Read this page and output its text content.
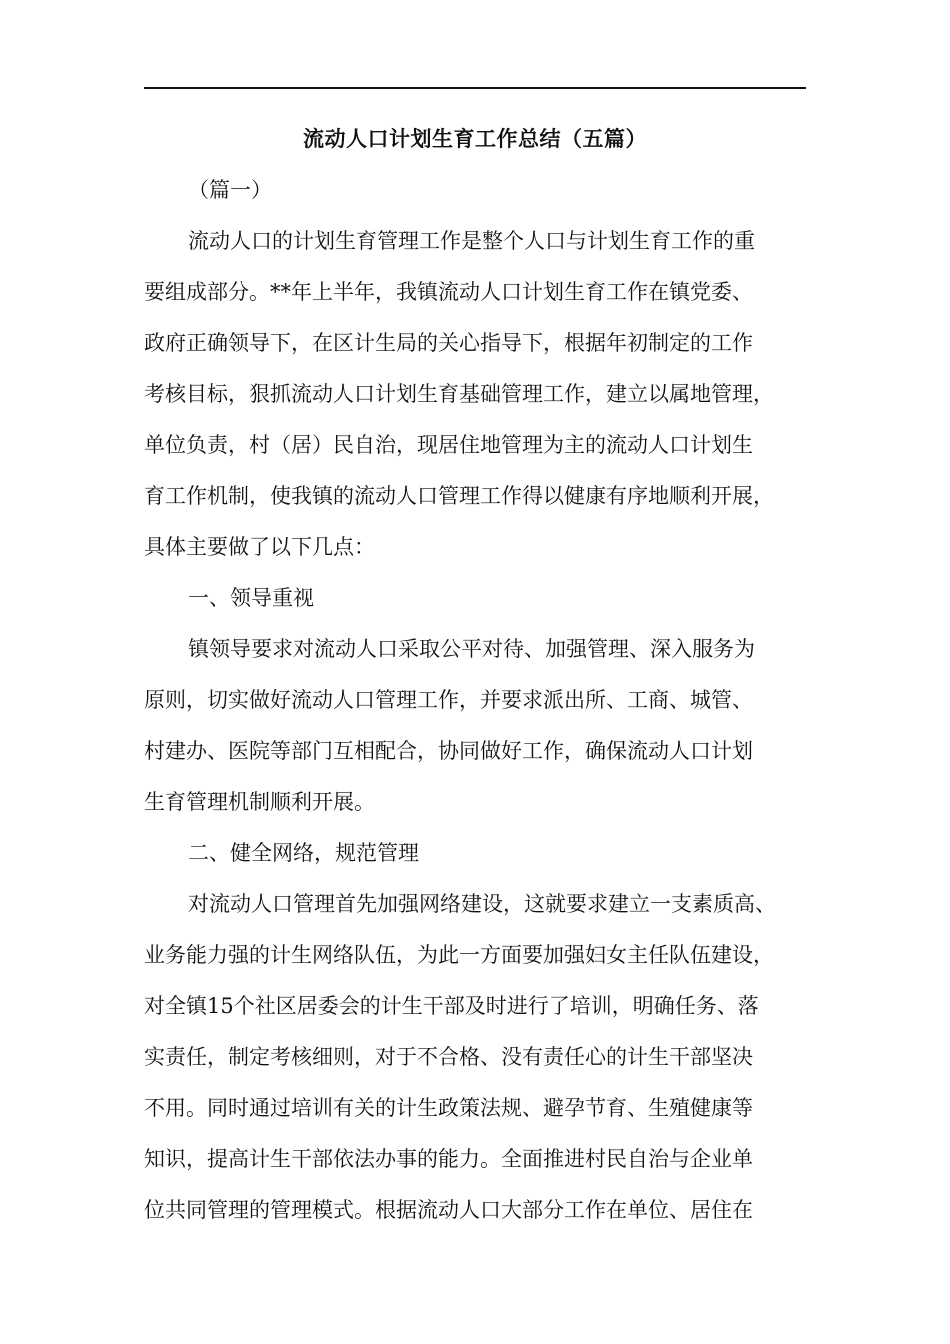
流动人口计划生育工作总结（五篇）
（篇一）
流动人口的计划生育管理工作是整个人口与计划生育工作的重
要组成部分。**年上半年，我镇流动人口计划生育工作在镇党委、
政府正确领导下，在区计生局的关心指导下，根据年初制定的工作
考核目标，狠抓流动人口计划生育基础管理工作，建立以属地管理，
单位负责，村（居）民自治，现居住地管理为主的流动人口计划生
育工作机制，使我镇的流动人口管理工作得以健康有序地顺利开展，
具体主要做了以下几点：
一、领导重视
镇领导要求对流动人口采取公平对待、加强管理、深入服务为
原则，切实做好流动人口管理工作，并要求派出所、工商、城管、
村建办、医院等部门互相配合，协同做好工作，确保流动人口计划
生育管理机制顺利开展。
二、健全网络，规范管理
对流动人口管理首先加强网络建设，这就要求建立一支素质高、
业务能力强的计生网络队伍，为此一方面要加强妇女主任队伍建设，
对全镇15个社区居委会的计生干部及时进行了培训，明确任务、落
实责任，制定考核细则，对于不合格、没有责任心的计生干部坚决
不用。同时通过培训有关的计生政策法规、避孕节育、生殖健康等
知识，提高计生干部依法办事的能力。全面推进村民自治与企业单
位共同管理的管理模式。根据流动人口大部分工作在单位、居住在
